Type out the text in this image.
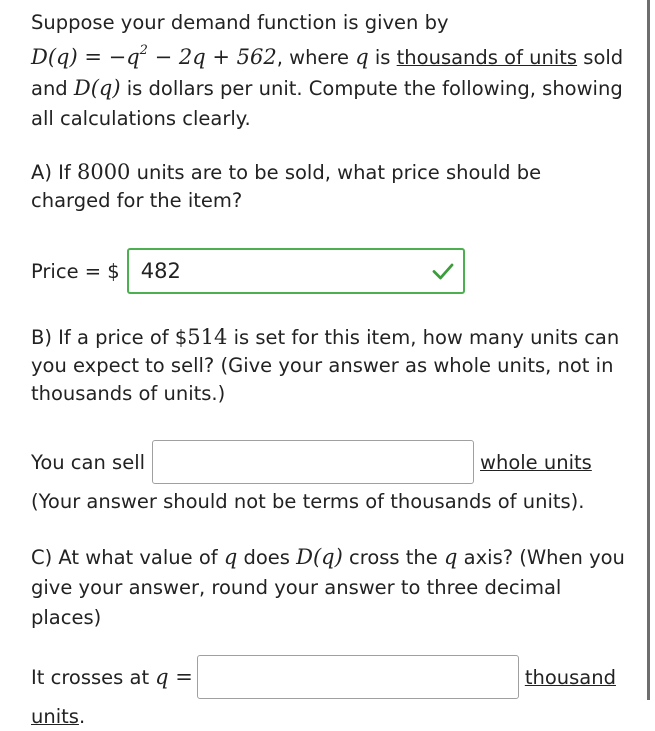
Suppose your demand function is given by
$D(q) = -q^2 - 2q + 562$, where q is thousands of units sold and D(q) is dollars per unit. Compute the following, showing all calculations clearly.

A) If 8000 units are to be sold, what price should be charged for the item?

Price = $ 482

B) If a price of $514 is set for this item, how many units can you expect to sell? (Give your answer as whole units, not in thousands of units.)

You can sell	whole units

(Your answer should not be terms of thousands of units).

C) At what value of q does D(q) cross the q axis? (When you give your answer, round your answer to three decimal places)

It crosses at q =	thousand
units.
